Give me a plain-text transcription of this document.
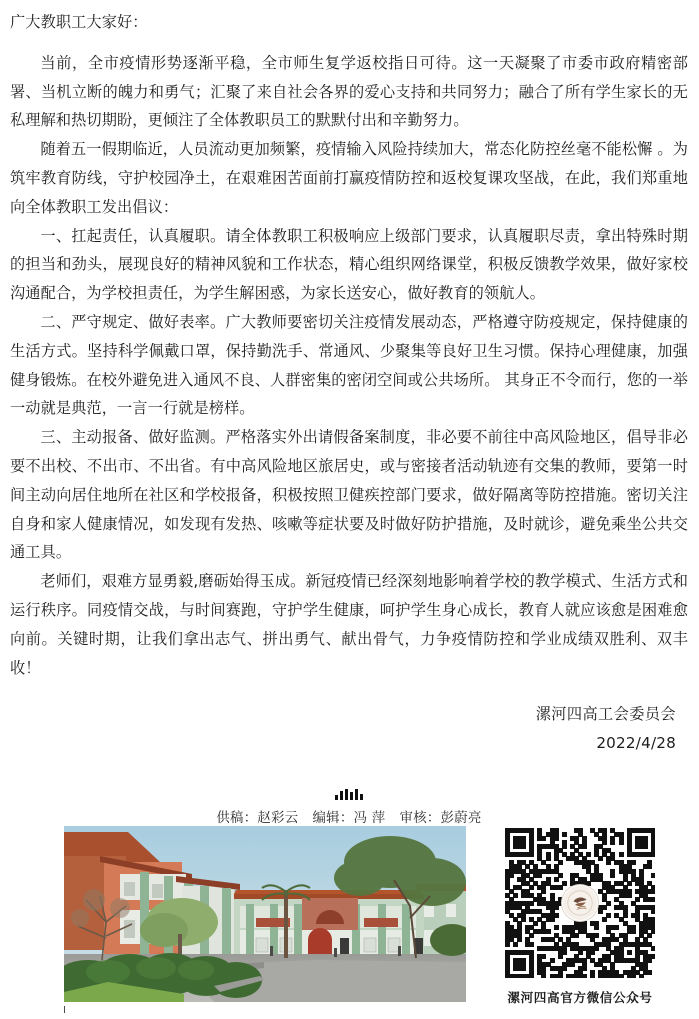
广大教职工大家好：

当前，全市疫情形势逐渐平稳，全市师生复学返校指日可待。这一天凝聚了市委市政府精密部署、当机立断的魄力和勇气；汇聚了来自社会各界的爱心支持和共同努力；融合了所有学生家长的无私理解和热切期盼，更倾注了全体教职员工的默默付出和辛勤努力。

随着五一假期临近，人员流动更加频繁，疫情输入风险持续加大，常态化防控丝毫不能松懈 。为筑牢教育防线，守护校园净土，在艰难困苦面前打赢疫情防控和返校复课攻坚战，在此，我们郑重地向全体教职工发出倡议：

一、扛起责任，认真履职。请全体教职工积极响应上级部门要求，认真履职尽责，拿出特殊时期的担当和劲头，展现良好的精神风貌和工作状态，精心组织网络课堂，积极反馈教学效果，做好家校沟通配合，为学校担责任，为学生解困惑，为家长送安心，做好教育的领航人。

二、严守规定、做好表率。广大教师要密切关注疫情发展动态，严格遵守防疫规定，保持健康的生活方式。坚持科学佩戴口罩，保持勤洗手、常通风、少聚集等良好卫生习惯。保持心理健康，加强健身锻炼。在校外避免进入通风不良、人群密集的密闭空间或公共场所。 其身正不令而行，您的一举一动就是典范，一言一行就是榜样。

三、主动报备、做好监测。严格落实外出请假备案制度，非必要不前往中高风险地区，倡导非必要不出校、不出市、不出省。有中高风险地区旅居史，或与密接者活动轨迹有交集的教师，要第一时间主动向居住地所在社区和学校报备，积极按照卫健疾控部门要求，做好隔离等防控措施。密切关注自身和家人健康情况，如发现有发热、咳嗽等症状要及时做好防护措施，及时就诊，避免乘坐公共交通工具。

老师们，艰难方显勇毅,磨砺始得玉成。新冠疫情已经深刻地影响着学校的教学模式、生活方式和运行秩序。同疫情交战，与时间赛跑，守护学生健康，呵护学生身心成长，教育人就应该愈是困难愈向前。关键时期，让我们拿出志气、拼出勇气、献出骨气，力争疫情防控和学业成绩双胜利、双丰收！

漯河四高工会委员会
2022/4/28
供稿：赵彩云 编辑：冯 萍 审核：彭蔚亮
漯河四高官方微信公众号
